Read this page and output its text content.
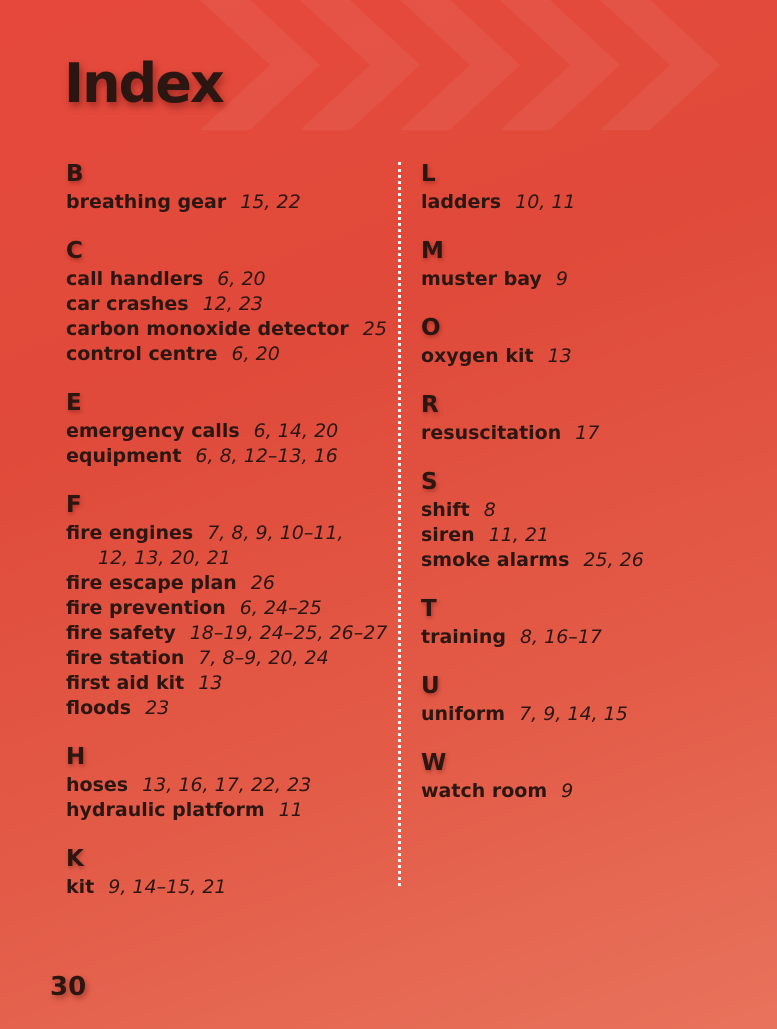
Index
B
breathing gear 15, 22
C
call handlers 6, 20
car crashes 12, 23
carbon monoxide detector 25
control centre 6, 20
E
emergency calls 6, 14, 20
equipment 6, 8, 12–13, 16
F
fire engines 7, 8, 9, 10–11,
12, 13, 20, 21
fire escape plan 26
fire prevention 6, 24–25
fire safety 18–19, 24–25, 26–27
fire station 7, 8–9, 20, 24
first aid kit 13
floods 23
H
hoses 13, 16, 17, 22, 23
hydraulic platform 11
K
kit 9, 14–15, 21
L
ladders 10, 11
M
muster bay 9
O
oxygen kit 13
R
resuscitation 17
S
shift 8
siren 11, 21
smoke alarms 25, 26
T
training 8, 16–17
U
uniform 7, 9, 14, 15
W
watch room 9
30
